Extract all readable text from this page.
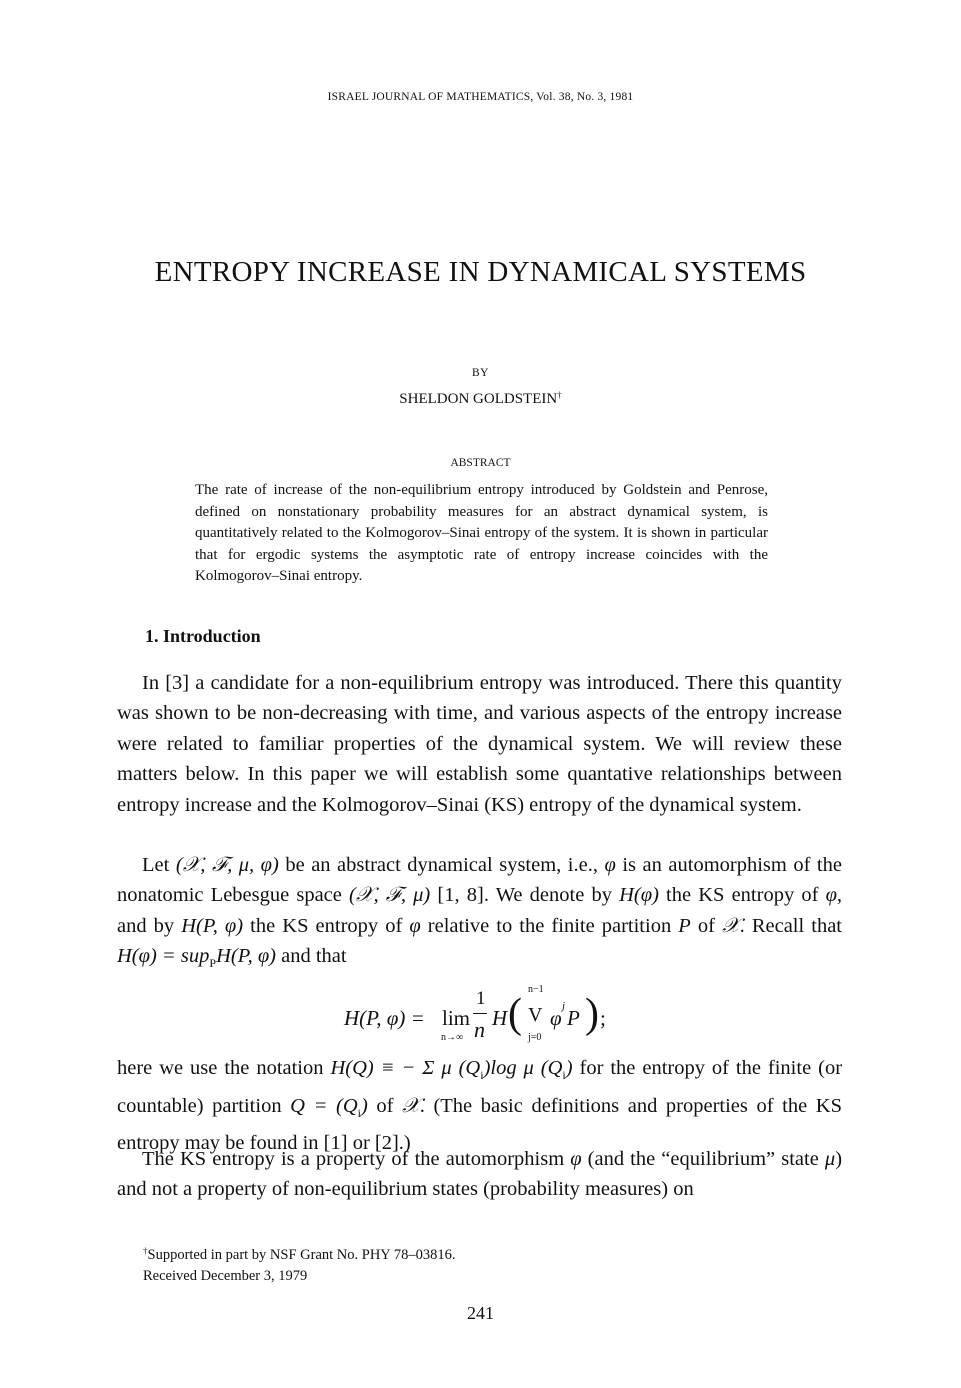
ISRAEL JOURNAL OF MATHEMATICS, Vol. 38, No. 3, 1981
ENTROPY INCREASE IN DYNAMICAL SYSTEMS
BY
SHELDON GOLDSTEIN†
ABSTRACT
The rate of increase of the non-equilibrium entropy introduced by Goldstein and Penrose, defined on nonstationary probability measures for an abstract dynamical system, is quantitatively related to the Kolmogorov–Sinai entropy of the system. It is shown in particular that for ergodic systems the asymptotic rate of entropy increase coincides with the Kolmogorov–Sinai entropy.
1. Introduction

In [3] a candidate for a non-equilibrium entropy was introduced. There this quantity was shown to be non-decreasing with time, and various aspects of the entropy increase were related to familiar properties of the dynamical system. We will review these matters below. In this paper we will establish some quantative relationships between entropy increase and the Kolmogorov–Sinai (KS) entropy of the dynamical system.

Let (𝒳, ℱ, μ, φ) be an abstract dynamical system, i.e., φ is an automorphism of the nonatomic Lebesgue space (𝒳, ℱ, μ) [1, 8]. We denote by H(φ) the KS entropy of φ, and by H(P, φ) the KS entropy of φ relative to the finite partition P of 𝒳. Recall that H(φ) = sup$_P$H(P, φ) and that

H(P, φ) = lim
n→∞
1
n H (
n−1
V
j=0
φ j P ) ;

here we use the notation H(Q) ≡ − Σ μ $(Q_i)\log$ μ $(Q_i)$ for the entropy of the finite (or countable) partition $Q = (Q_i)$ of 𝒳. (The basic definitions and properties of the KS entropy may be found in [1] or [2].)

The KS entropy is a property of the automorphism φ (and the “equilibrium” state μ) and not a property of non-equilibrium states (probability measures) on

†Supported in part by NSF Grant No. PHY 78–03816.
Received December 3, 1979
241
